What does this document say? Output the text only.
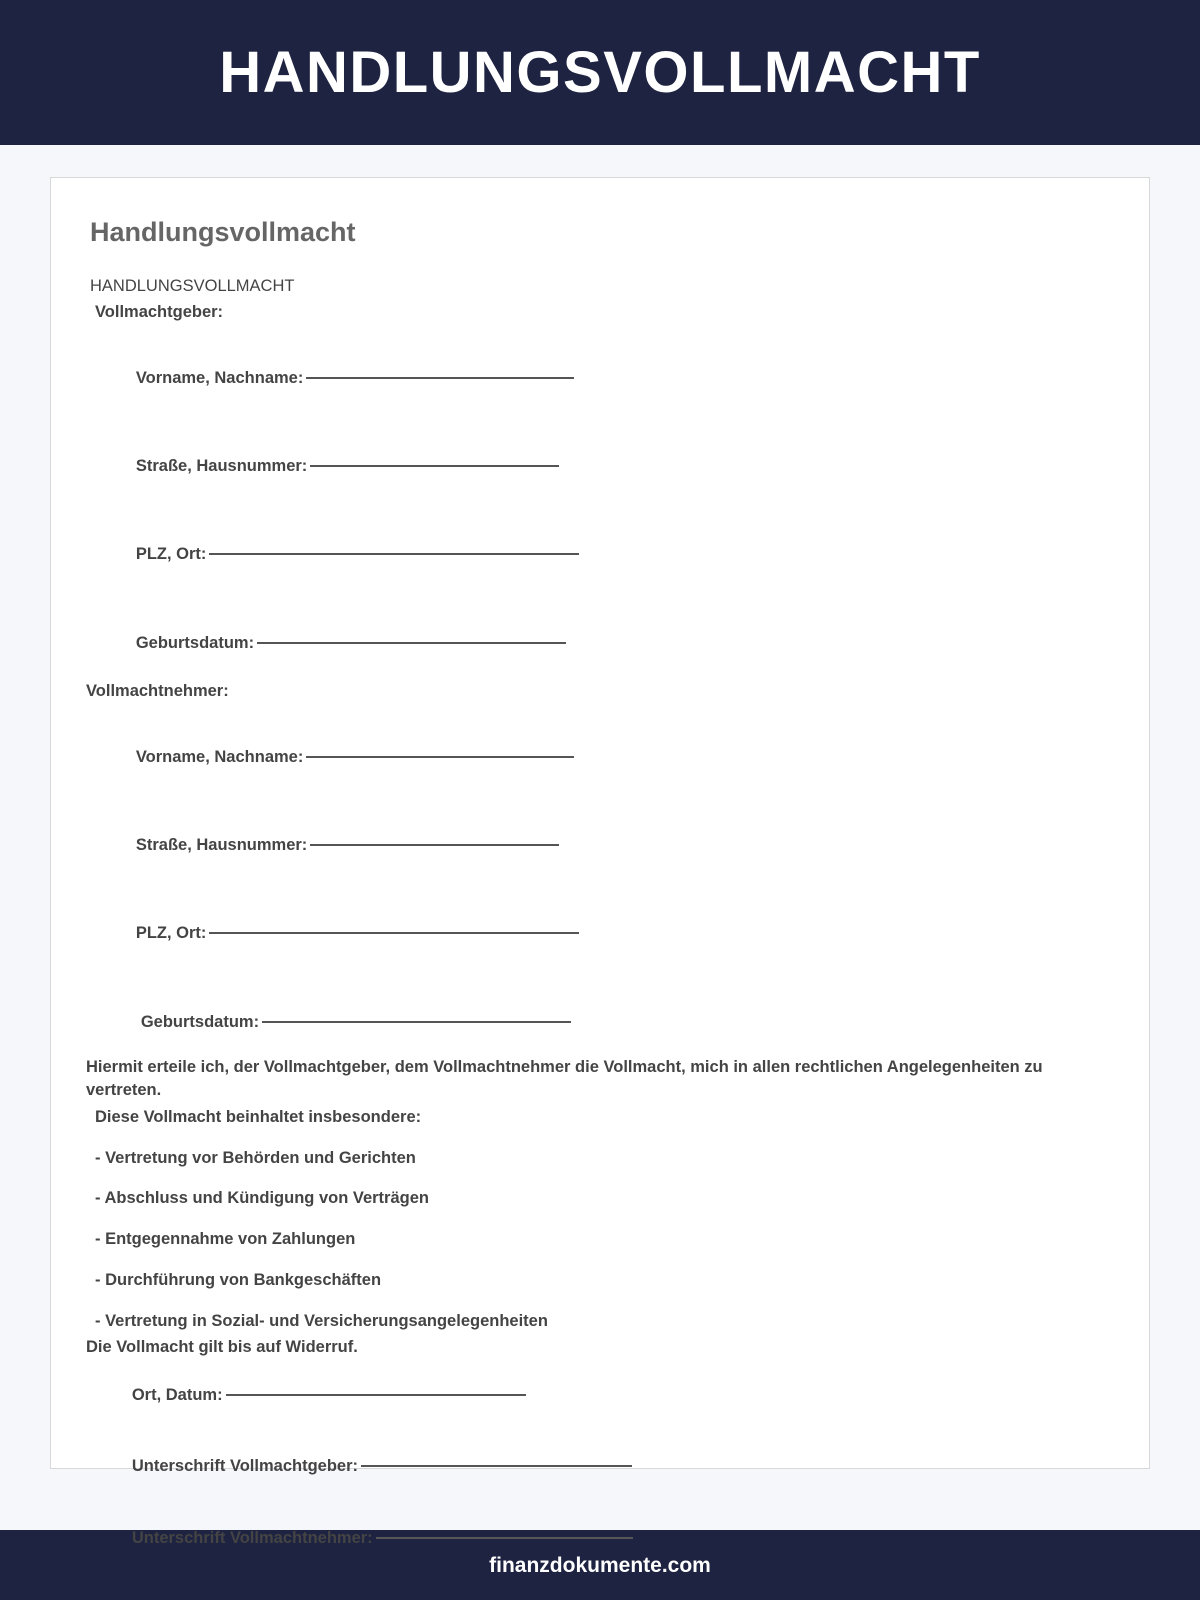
HANDLUNGSVOLLMACHT
Handlungsvollmacht
HANDLUNGSVOLLMACHT
Vollmachtgeber:

Vorname, Nachname:

Straße, Hausnummer:

PLZ, Ort:

Geburtsdatum:

Vollmachtnehmer:

Vorname, Nachname:

Straße, Hausnummer:

PLZ, Ort:

Geburtsdatum:

Hiermit erteile ich, der Vollmachtgeber, dem Vollmachtnehmer die Vollmacht, mich in allen rechtlichen Angelegenheiten zu vertreten.
Diese Vollmacht beinhaltet insbesondere:
- Vertretung vor Behörden und Gerichten
- Abschluss und Kündigung von Verträgen
- Entgegennahme von Zahlungen
- Durchführung von Bankgeschäften
- Vertretung in Sozial- und Versicherungsangelegenheiten
Die Vollmacht gilt bis auf Widerruf.

Ort, Datum:

Unterschrift Vollmachtgeber:

Unterschrift Vollmachtnehmer:

finanzdokumente.com
